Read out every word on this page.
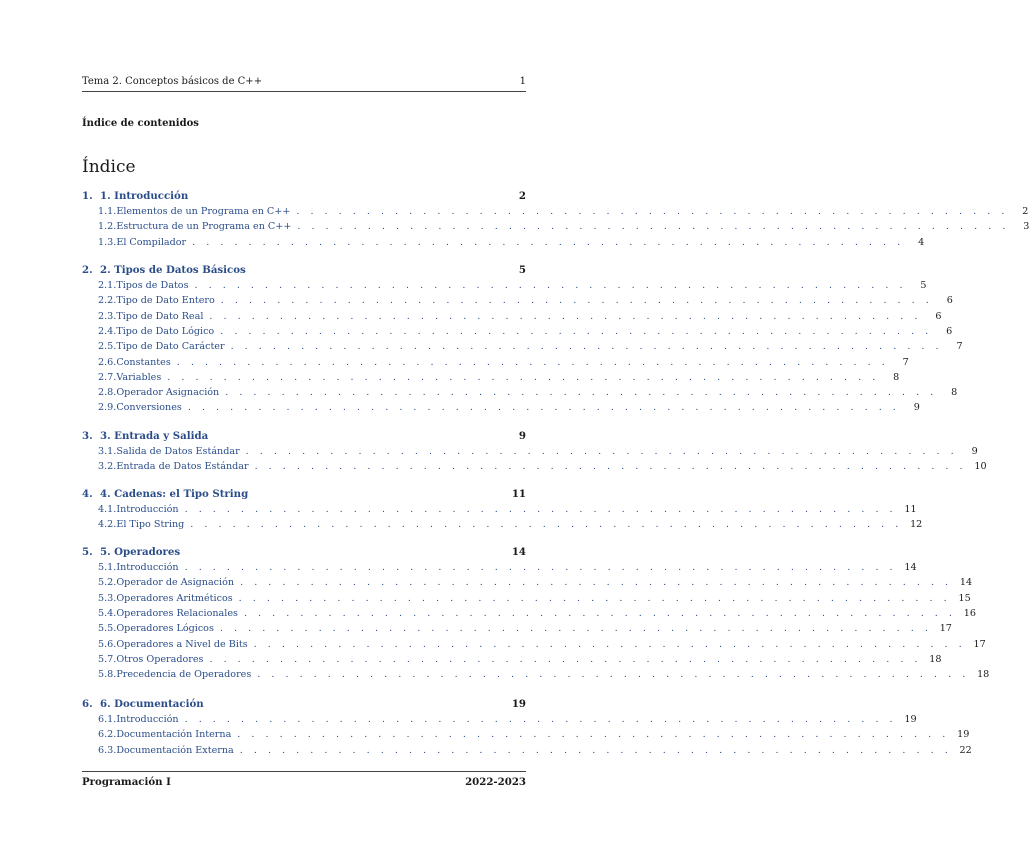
Tema 2. Conceptos básicos de C++	1
Índice de contenidos
Índice
1. 1. Introducción	2
1.1. Elementos de un Programa en C++ . . . . . . . . . . . . . . . . . . . . . . . . . . . . . . . . . . . . . . . . . . . . . . . . . . .	2
1.2. Estructura de un Programa en C++ . . . . . . . . . . . . . . . . . . . . . . . . . . . . . . . . . . . . . . . . . . . . . . . . . . .	3
1.3. El Compilador . . . . . . . . . . . . . . . . . . . . . . . . . . . . . . . . . . . . . . . . . . . . . . . . . . .	4
2. 2. Tipos de Datos Básicos	5
2.1. Tipos de Datos . . . . . . . . . . . . . . . . . . . . . . . . . . . . . . . . . . . . . . . . . . . . . . . . . . .	5
2.2. Tipo de Dato Entero . . . . . . . . . . . . . . . . . . . . . . . . . . . . . . . . . . . . . . . . . . . . . . . . . . .	6
2.3. Tipo de Dato Real . . . . . . . . . . . . . . . . . . . . . . . . . . . . . . . . . . . . . . . . . . . . . . . . . . .	6
2.4. Tipo de Dato Lógico . . . . . . . . . . . . . . . . . . . . . . . . . . . . . . . . . . . . . . . . . . . . . . . . . . .	6
2.5. Tipo de Dato Carácter . . . . . . . . . . . . . . . . . . . . . . . . . . . . . . . . . . . . . . . . . . . . . . . . . . .	7
2.6. Constantes . . . . . . . . . . . . . . . . . . . . . . . . . . . . . . . . . . . . . . . . . . . . . . . . . . .	7
2.7. Variables . . . . . . . . . . . . . . . . . . . . . . . . . . . . . . . . . . . . . . . . . . . . . . . . . . .	8
2.8. Operador Asignación . . . . . . . . . . . . . . . . . . . . . . . . . . . . . . . . . . . . . . . . . . . . . . . . . . .	8
2.9. Conversiones . . . . . . . . . . . . . . . . . . . . . . . . . . . . . . . . . . . . . . . . . . . . . . . . . . .	9
3. 3. Entrada y Salida	9
3.1. Salida de Datos Estándar . . . . . . . . . . . . . . . . . . . . . . . . . . . . . . . . . . . . . . . . . . . . . . . . . . .	9
3.2. Entrada de Datos Estándar . . . . . . . . . . . . . . . . . . . . . . . . . . . . . . . . . . . . . . . . . . . . . . . . . . . 10
4. 4. Cadenas: el Tipo String	11
4.1. Introducción . . . . . . . . . . . . . . . . . . . . . . . . . . . . . . . . . . . . . . . . . . . . . . . . . . . 11
4.2. El Tipo String . . . . . . . . . . . . . . . . . . . . . . . . . . . . . . . . . . . . . . . . . . . . . . . . . . . 12
5. 5. Operadores	14
5.1. Introducción . . . . . . . . . . . . . . . . . . . . . . . . . . . . . . . . . . . . . . . . . . . . . . . . . . . 14
5.2. Operador de Asignación . . . . . . . . . . . . . . . . . . . . . . . . . . . . . . . . . . . . . . . . . . . . . . . . . . . 14
5.3. Operadores Aritméticos . . . . . . . . . . . . . . . . . . . . . . . . . . . . . . . . . . . . . . . . . . . . . . . . . . . 15
5.4. Operadores Relacionales . . . . . . . . . . . . . . . . . . . . . . . . . . . . . . . . . . . . . . . . . . . . . . . . . . . 16
5.5. Operadores Lógicos . . . . . . . . . . . . . . . . . . . . . . . . . . . . . . . . . . . . . . . . . . . . . . . . . . . 17
5.6. Operadores a Nivel de Bits . . . . . . . . . . . . . . . . . . . . . . . . . . . . . . . . . . . . . . . . . . . . . . . . . . . 17
5.7. Otros Operadores . . . . . . . . . . . . . . . . . . . . . . . . . . . . . . . . . . . . . . . . . . . . . . . . . . . 18
5.8. Precedencia de Operadores . . . . . . . . . . . . . . . . . . . . . . . . . . . . . . . . . . . . . . . . . . . . . . . . . . . 18
6. 6. Documentación	19
6.1. Introducción . . . . . . . . . . . . . . . . . . . . . . . . . . . . . . . . . . . . . . . . . . . . . . . . . . . 19
6.2. Documentación Interna . . . . . . . . . . . . . . . . . . . . . . . . . . . . . . . . . . . . . . . . . . . . . . . . . . . 19
6.3. Documentación Externa . . . . . . . . . . . . . . . . . . . . . . . . . . . . . . . . . . . . . . . . . . . . . . . . . . . 22
Programación I	2022-2023
